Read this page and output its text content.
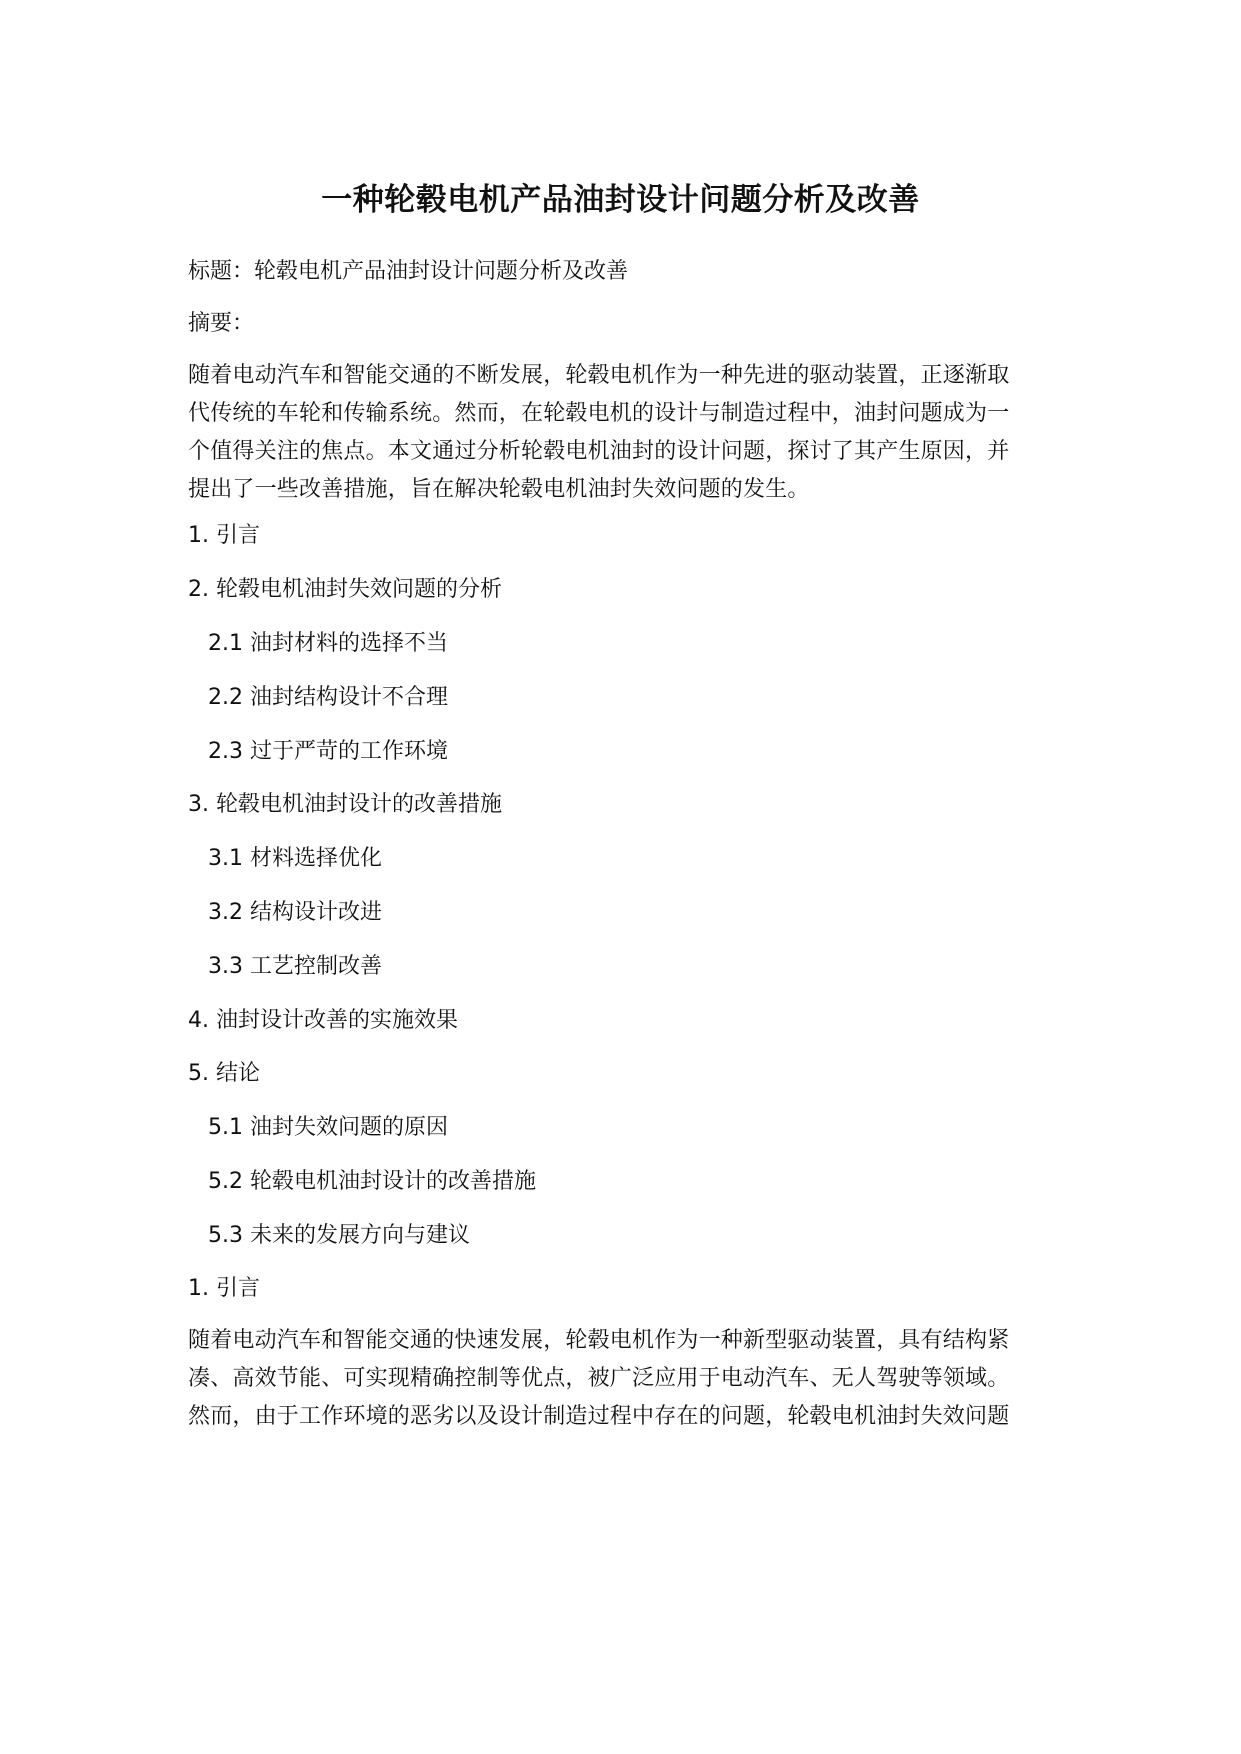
一种轮毂电机产品油封设计问题分析及改善

标题：轮毂电机产品油封设计问题分析及改善

摘要：

随着电动汽车和智能交通的不断发展，轮毂电机作为一种先进的驱动装置，正逐渐取
代传统的车轮和传输系统。然而，在轮毂电机的设计与制造过程中，油封问题成为一
个值得关注的焦点。本文通过分析轮毂电机油封的设计问题，探讨了其产生原因，并
提出了一些改善措施，旨在解决轮毂电机油封失效问题的发生。

1. 引言

2. 轮毂电机油封失效问题的分析

2.1 油封材料的选择不当

2.2 油封结构设计不合理

2.3 过于严苛的工作环境

3. 轮毂电机油封设计的改善措施

3.1 材料选择优化

3.2 结构设计改进

3.3 工艺控制改善

4. 油封设计改善的实施效果

5. 结论

5.1 油封失效问题的原因

5.2 轮毂电机油封设计的改善措施

5.3 未来的发展方向与建议

1. 引言

随着电动汽车和智能交通的快速发展，轮毂电机作为一种新型驱动装置，具有结构紧
凑、高效节能、可实现精确控制等优点，被广泛应用于电动汽车、无人驾驶等领域。
然而，由于工作环境的恶劣以及设计制造过程中存在的问题，轮毂电机油封失效问题
